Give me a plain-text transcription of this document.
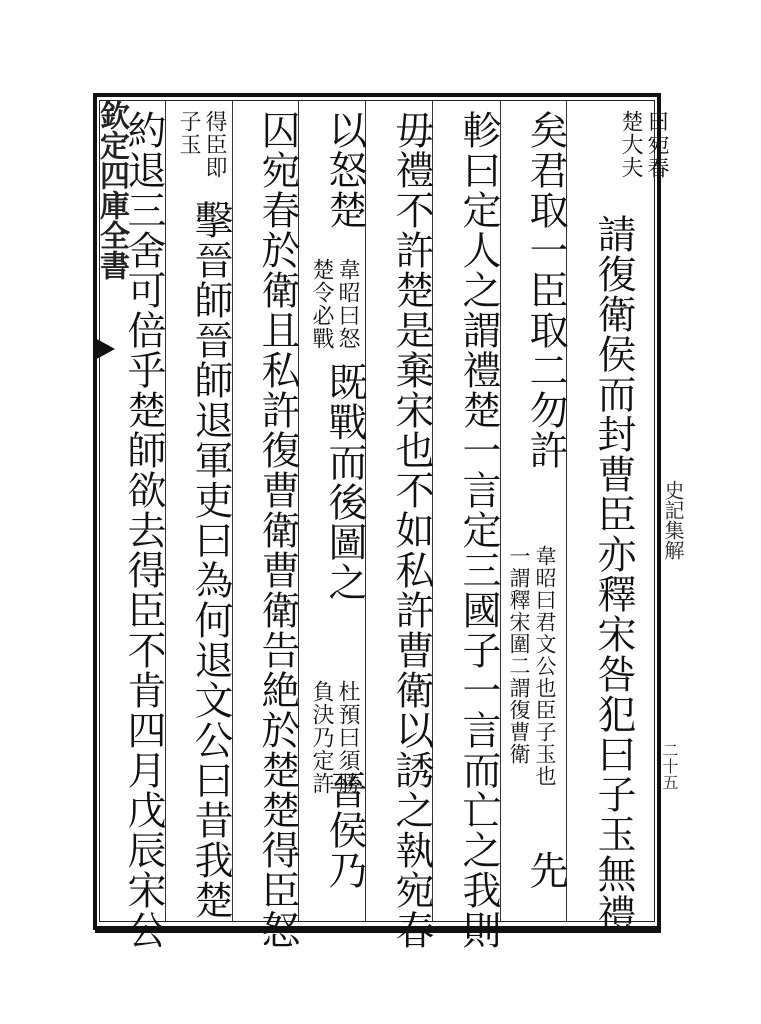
欽定四庫全書
史記集解
二十五
曰宛春
楚大夫
請復衛侯而封曹臣亦釋宋咎犯曰子玉無禮
矣君取一臣取二勿許
韋昭曰君文公也臣子玉也
一謂釋宋圍二謂復曹衛
先
軫曰定人之謂禮楚一言定三國子一言而亡之我則
毋禮不許楚是棄宋也不如私許曹衛以誘之執宛春
以怒楚
韋昭曰怒
楚令必戰
既戰而後圖之
杜預曰須勝
負決乃定許
晉侯乃
囚宛春於衛且私許復曹衛曹衛告絶於楚楚得臣怒
得臣即
子玉
擊晉師晉師退軍吏曰為何退文公曰昔我楚
約退三舍可倍乎楚師欲去得臣不肯四月戊辰宋公
